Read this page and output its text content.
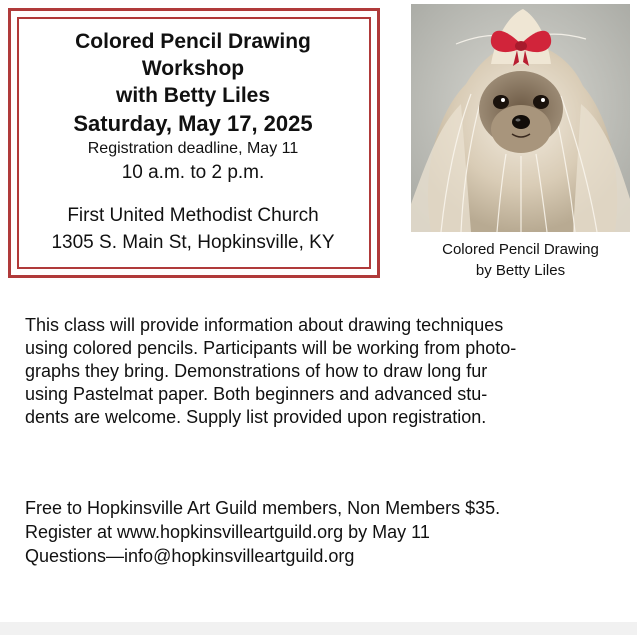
Colored Pencil Drawing

Workshop

with Betty Liles

Saturday, May 17, 2025

Registration deadline, May 11

10 a.m. to 2 p.m.

First United Methodist Church

1305 S. Main St, Hopkinsville, KY	Colored Pencil Drawing
by Betty Liles
This class will provide information about drawing techniques
using colored pencils. Participants will be working from photo-
graphs they bring. Demonstrations of how to draw long fur
using Pastelmat paper. Both beginners and advanced stu-
dents are welcome. Supply list provided upon registration.
Free to Hopkinsville Art Guild members, Non Members $35.
Register at www.hopkinsvilleartguild.org by May 11
Questions—info@hopkinsvilleartguild.org
